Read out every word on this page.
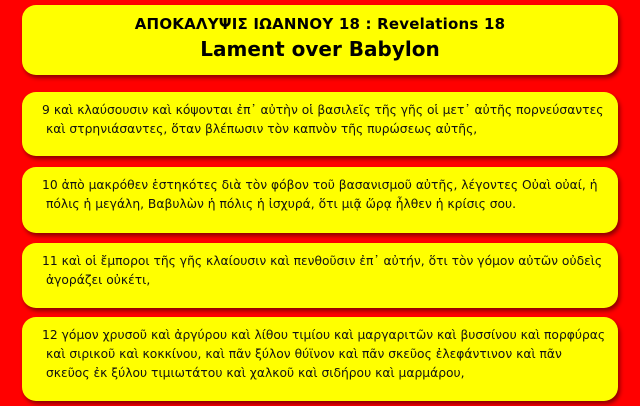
ΑΠΟΚΑΛΥΨΙΣ ΙΩΑΝΝΟΥ 18 : Revelations 18
Lament over Babylon
9 καὶ κλαύσουσιν καὶ κόψονται ἐπ᾽ αὐτὴν οἱ βασιλεῖς τῆς γῆς οἱ μετ᾽ αὐτῆς πορνεύσαντες καὶ στρηνιάσαντες, ὅταν βλέπωσιν τὸν καπνὸν τῆς πυρώσεως αὐτῆς,
10 ἀπὸ μακρόθεν ἑστηκότες διὰ τὸν φόβον τοῦ βασανισμοῦ αὐτῆς, λέγοντες Οὐαὶ οὐαί, ἡ πόλις ἡ μεγάλη, Βαβυλὼν ἡ πόλις ἡ ἰσχυρά, ὅτι μιᾷ ὥρᾳ ἦλθεν ἡ κρίσις σου.
11 καὶ οἱ ἔμποροι τῆς γῆς κλαίουσιν καὶ πενθοῦσιν ἐπ᾽ αὐτήν, ὅτι τὸν γόμον αὐτῶν οὐδεὶς ἀγοράζει οὐκέτι,
12 γόμον χρυσοῦ καὶ ἀργύρου καὶ λίθου τιμίου καὶ μαργαριτῶν καὶ βυσσίνου καὶ πορφύρας καὶ σιρικοῦ καὶ κοκκίνου, καὶ πᾶν ξύλον θύϊνον καὶ πᾶν σκεῦος ἐλεφάντινον καὶ πᾶν σκεῦος ἐκ ξύλου τιμιωτάτου καὶ χαλκοῦ καὶ σιδήρου καὶ μαρμάρου,
